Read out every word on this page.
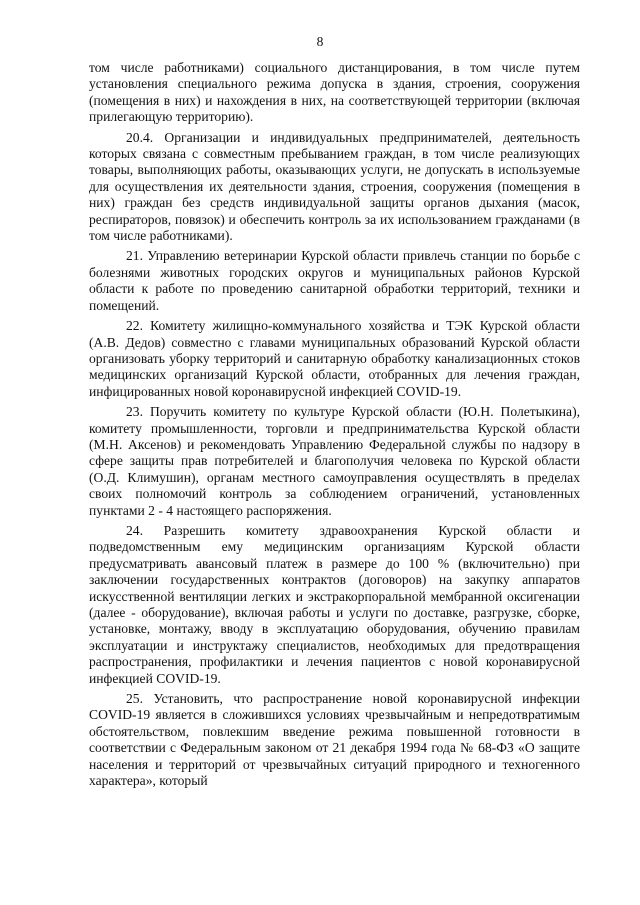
8

том числе работниками) социального дистанцирования, в том числе путем установления специального режима допуска в здания, строения, сооружения (помещения в них) и нахождения в них, на соответствующей территории (включая прилегающую территорию).

20.4. Организации и индивидуальных предпринимателей, деятельность которых связана с совместным пребыванием граждан, в том числе реализующих товары, выполняющих работы, оказывающих услуги, не допускать в используемые для осуществления их деятельности здания, строения, сооружения (помещения в них) граждан без средств индивидуальной защиты органов дыхания (масок, респираторов, повязок) и обеспечить контроль за их использованием гражданами (в том числе работниками).

21. Управлению ветеринарии Курской области привлечь станции по борьбе с болезнями животных городских округов и муниципальных районов Курской области к работе по проведению санитарной обработки территорий, техники и помещений.

22. Комитету жилищно-коммунального хозяйства и ТЭК Курской области (А.В. Дедов) совместно с главами муниципальных образований Курской области организовать уборку территорий и санитарную обработку канализационных стоков медицинских организаций Курской области, отобранных для лечения граждан, инфицированных новой коронавирусной инфекцией COVID-19.

23. Поручить комитету по культуре Курской области (Ю.Н. Полетыкина), комитету промышленности, торговли и предпринимательства Курской области (М.Н. Аксенов) и рекомендовать Управлению Федеральной службы по надзору в сфере защиты прав потребителей и благополучия человека по Курской области (О.Д. Климушин), органам местного самоуправления осуществлять в пределах своих полномочий контроль за соблюдением ограничений, установленных пунктами 2 - 4 настоящего распоряжения.

24. Разрешить комитету здравоохранения Курской области и подведомственным ему медицинским организациям Курской области предусматривать авансовый платеж в размере до 100 % (включительно) при заключении государственных контрактов (договоров) на закупку аппаратов искусственной вентиляции легких и экстракорпоральной мембранной оксигенации (далее - оборудование), включая работы и услуги по доставке, разгрузке, сборке, установке, монтажу, вводу в эксплуатацию оборудования, обучению правилам эксплуатации и инструктажу специалистов, необходимых для предотвращения распространения, профилактики и лечения пациентов с новой коронавирусной инфекцией COVID-19.

25. Установить, что распространение новой коронавирусной инфекции COVID-19 является в сложившихся условиях чрезвычайным и непредотвратимым обстоятельством, повлекшим введение режима повышенной готовности в соответствии с Федеральным законом от 21 декабря 1994 года № 68-ФЗ «О защите населения и территорий от чрезвычайных ситуаций природного и техногенного характера», который
